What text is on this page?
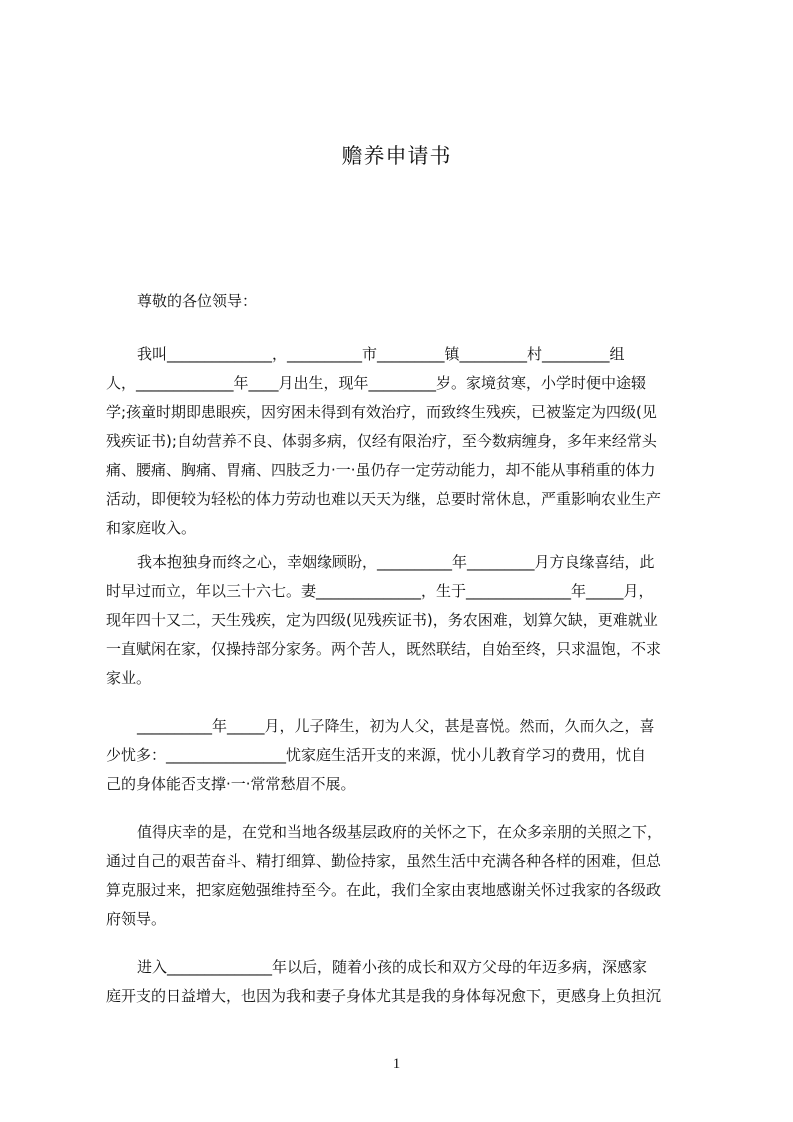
赡养申请书

尊敬的各位领导：

我叫______________，__________市_________镇_________村_________组
人，_____________年____月出生，现年_________岁。家境贫寒，小学时便中途辍
学;孩童时期即患眼疾，因穷困未得到有效治疗，而致终生残疾，已被鉴定为四级(见
残疾证书);自幼营养不良、体弱多病，仅经有限治疗，至今数病缠身，多年来经常头
痛、腰痛、胸痛、胃痛、四肢乏力·一·虽仍存一定劳动能力，却不能从事稍重的体力
活动，即便较为轻松的体力劳动也难以天天为继，总要时常休息，严重影响农业生产
和家庭收入。
我本抱独身而终之心，幸姻缘顾盼，__________年_________月方良缘喜结，此
时早过而立，年以三十六七。妻______________，生于______________年_____月，
现年四十又二，天生残疾，定为四级(见残疾证书)，务农困难，划算欠缺，更难就业
一直赋闲在家，仅操持部分家务。两个苦人，既然联结，自始至终，只求温饱，不求
家业。
__________年_____月，儿子降生，初为人父，甚是喜悦。然而，久而久之，喜
少忧多：________________忧家庭生活开支的来源，忧小儿教育学习的费用，忧自
己的身体能否支撑·一·常常愁眉不展。
值得庆幸的是，在党和当地各级基层政府的关怀之下，在众多亲朋的关照之下，
通过自己的艰苦奋斗、精打细算、勤俭持家，虽然生活中充满各种各样的困难，但总
算克服过来，把家庭勉强维持至今。在此，我们全家由衷地感谢关怀过我家的各级政
府领导。
进入______________年以后，随着小孩的成长和双方父母的年迈多病，深感家
庭开支的日益增大，也因为我和妻子身体尤其是我的身体每况愈下，更感身上负担沉

1
